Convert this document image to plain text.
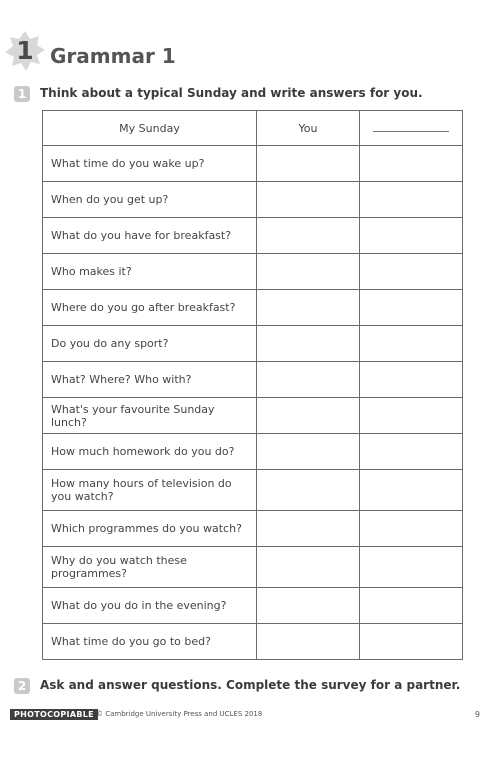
1 Grammar 1
1	Think about a typical Sunday and write answers for you.
My Sunday	You	
What time do you wake up?		
When do you get up?		
What do you have for breakfast?		
Who makes it?		
Where do you go after breakfast?		
Do you do any sport?		
What? Where? Who with?		
What's your favourite Sunday lunch?		
How much homework do you do?		
How many hours of television do you watch?		
Which programmes do you watch?		
Why do you watch these programmes?		
What do you do in the evening?		
What time do you go to bed?		
2	Ask and answer questions. Complete the survey for a partner.
PHOTOCOPIABLE © Cambridge University Press and UCLES 2018	9
